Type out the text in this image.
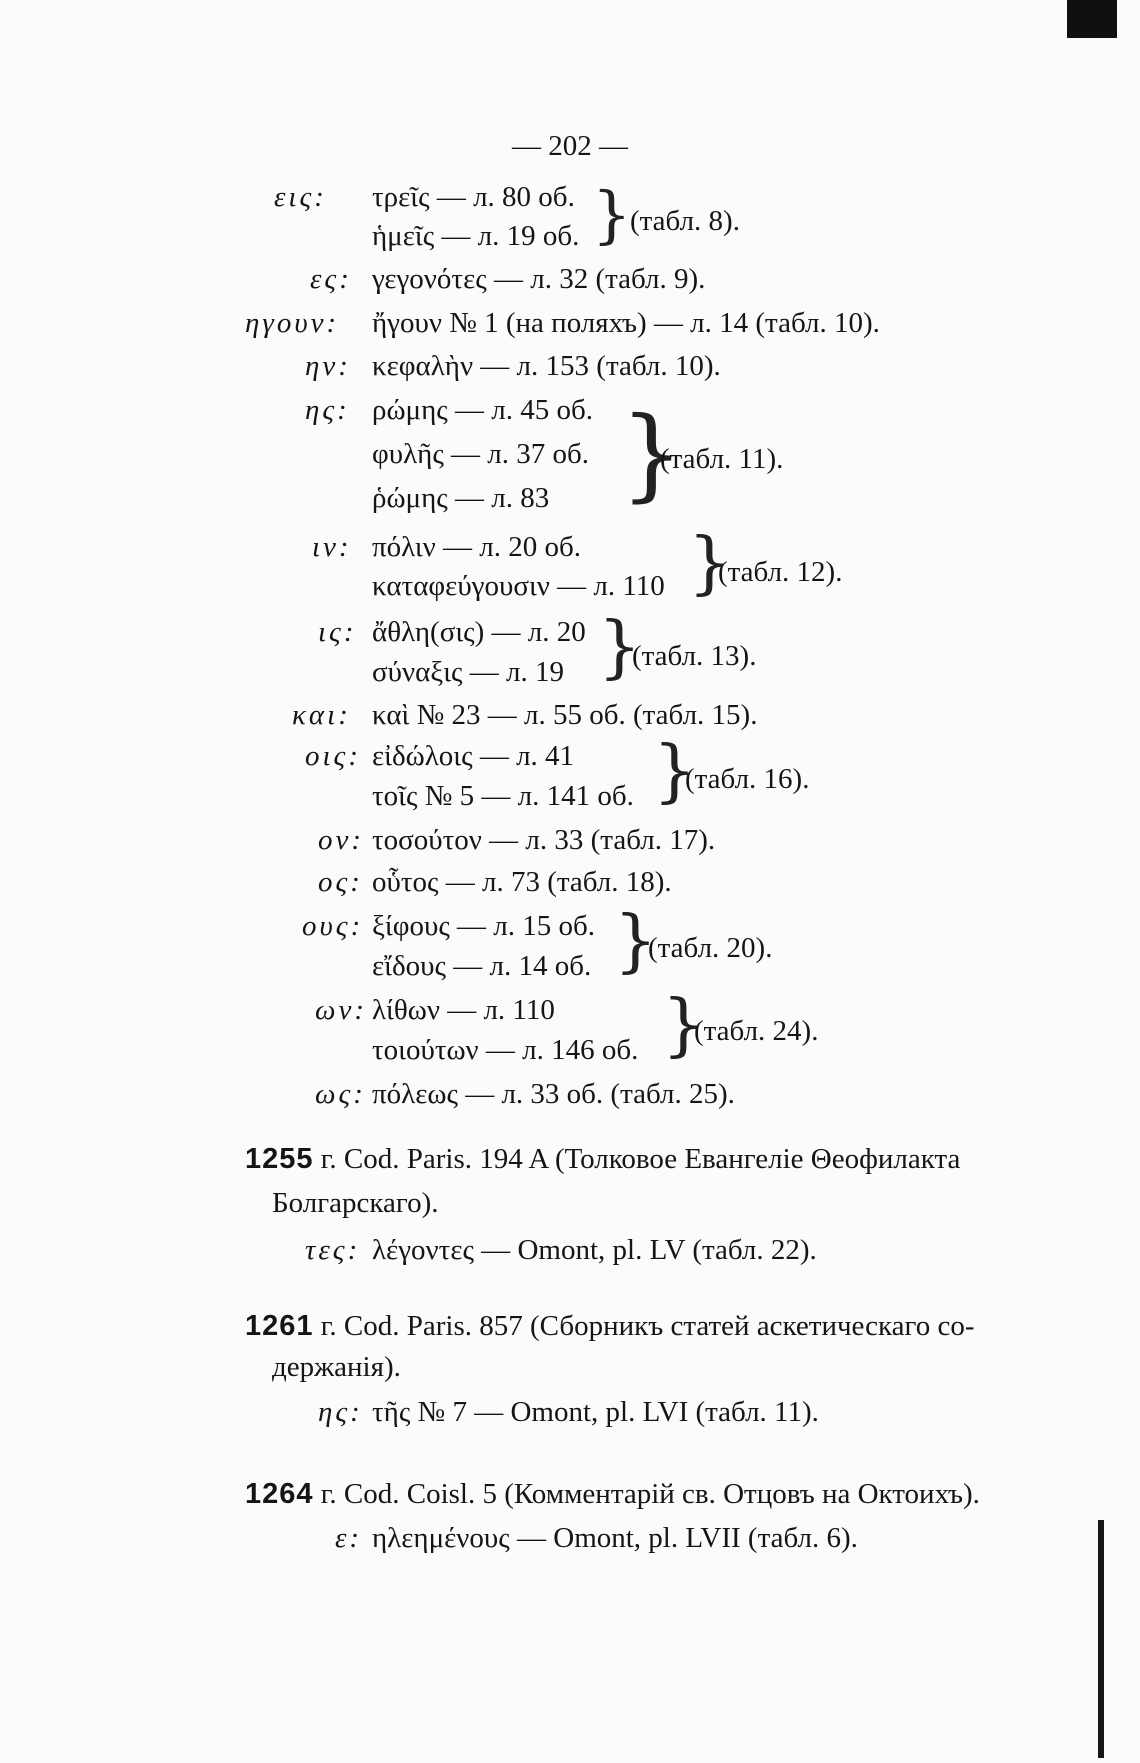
— 202 —
εις: τρεῖς — л. 80 об.
ἡμεῖς — л. 19 об. }
(табл. 8).
ες: γεγονότες — л. 32 (табл. 9).
ηγουν: ἤγουν № 1 (на поляхъ) — л. 14 (табл. 10).
ην: κεφαλὴν — л. 153 (табл. 10).
ης: ρώμης — л. 45 об.
φυλῆς — л. 37 об.
ῥώμης — л. 83 }
(табл. 11).
ιν: πόλιν — л. 20 об.
καταφεύγουσιν — л. 110 }
(табл. 12).
ις: ἄθλη(σις) — л. 20
σύναξις — л. 19 }
(табл. 13).
και: καὶ № 23 — л. 55 об. (табл. 15).
οις: εἰδώλοις — л. 41
τοῖς № 5 — л. 141 об. }
(табл. 16).
ον: τοσούτον — л. 33 (табл. 17).
ος: οὗτος — л. 73 (табл. 18).
ους: ξίφους — л. 15 об.
εἴδους — л. 14 об. }
(табл. 20).
ων: λίθων — л. 110
τοιούτων — л. 146 об. }
(табл. 24).
ως: πόλεως — л. 33 об. (табл. 25).
1255 г. Cod. Paris. 194 A (Толковое Евангеліе Θеофилакта
Болгарскаго).
τες: λέγοντες — Omont, pl. LV (табл. 22).
1261 г. Cod. Paris. 857 (Сборникъ статей аскетическаго со-
держанія).
ης: τῆς № 7 — Omont, pl. LVI (табл. 11).
1264 г. Cod. Coisl. 5 (Комментарій св. Отцовъ на Октоихъ).
ε: ηλεημένους — Omont, pl. LVII (табл. 6).
